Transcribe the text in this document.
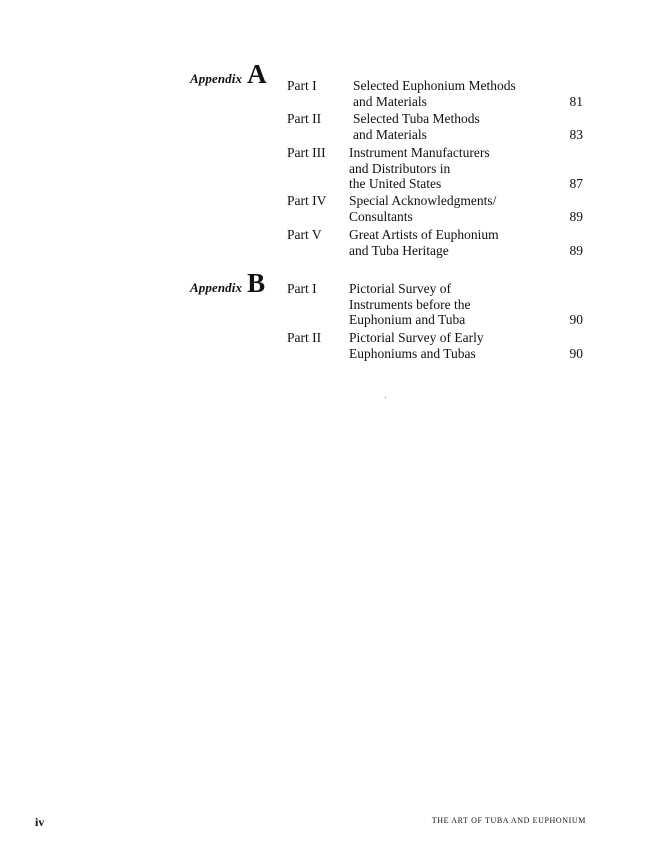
Appendix A Part I	Selected Euphonium Methods
and Materials	81
Part II	Selected Tuba Methods
and Materials	83
Part III	Instrument Manufacturers
and Distributors in
the United States	87
Part IV	Special Acknowledgments/
Consultants	89
Part V	Great Artists of Euphonium
and Tuba Heritage	89
Appendix B Part I	Pictorial Survey of
Instruments before the
Euphonium and Tuba	90
Part II	Pictorial Survey of Early
Euphoniums and Tubas	90
iv	THE ART OF TUBA AND EUPHONIUM
